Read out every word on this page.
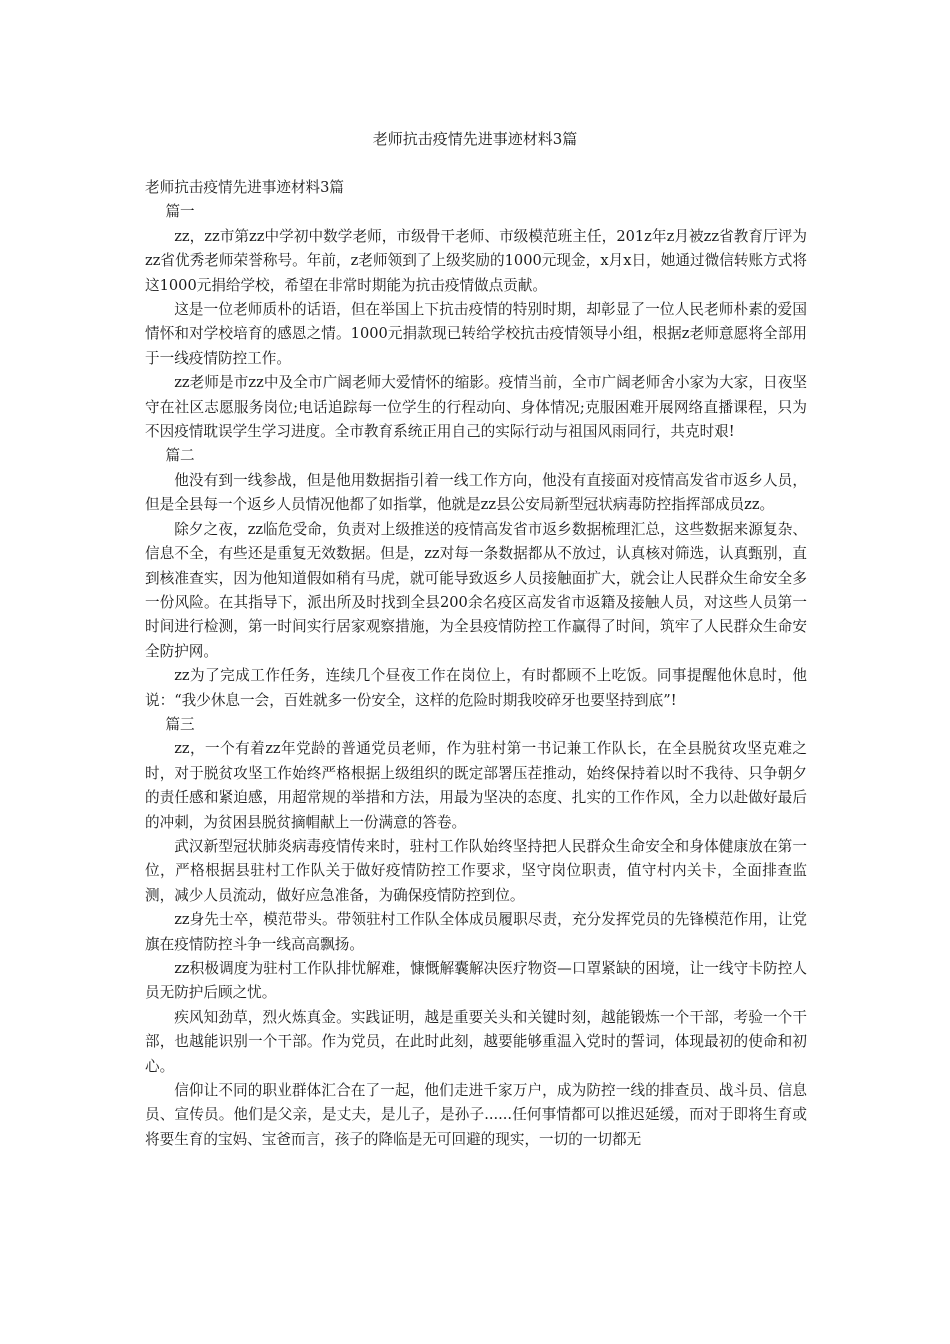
老师抗击疫情先进事迹材料3篇

老师抗击疫情先进事迹材料3篇

篇一

zz，zz市第zz中学初中数学老师，市级骨干老师、市级模范班主任，201z年z月被zz省教育厅评为zz省优秀老师荣誉称号。年前，z老师领到了上级奖励的1000元现金，x月x日，她通过微信转账方式将这1000元捐给学校，希望在非常时期能为抗击疫情做点贡献。

这是一位老师质朴的话语，但在举国上下抗击疫情的特别时期，却彰显了一位人民老师朴素的爱国情怀和对学校培育的感恩之情。1000元捐款现已转给学校抗击疫情领导小组，根据z老师意愿将全部用于一线疫情防控工作。

zz老师是市zz中及全市广阔老师大爱情怀的缩影。疫情当前，全市广阔老师舍小家为大家，日夜坚守在社区志愿服务岗位;电话追踪每一位学生的行程动向、身体情况;克服困难开展网络直播课程，只为不因疫情耽误学生学习进度。全市教育系统正用自己的实际行动与祖国风雨同行，共克时艰!

篇二

他没有到一线参战，但是他用数据指引着一线工作方向，他没有直接面对疫情高发省市返乡人员，但是全县每一个返乡人员情况他都了如指掌，他就是zz县公安局新型冠状病毒防控指挥部成员zz。

除夕之夜，zz临危受命，负责对上级推送的疫情高发省市返乡数据梳理汇总，这些数据来源复杂、信息不全，有些还是重复无效数据。但是，zz对每一条数据都从不放过，认真核对筛选，认真甄别，直到核准查实，因为他知道假如稍有马虎，就可能导致返乡人员接触面扩大，就会让人民群众生命安全多一份风险。在其指导下，派出所及时找到全县200余名疫区高发省市返籍及接触人员，对这些人员第一时间进行检测，第一时间实行居家观察措施，为全县疫情防控工作赢得了时间，筑牢了人民群众生命安全防护网。

zz为了完成工作任务，连续几个昼夜工作在岗位上，有时都顾不上吃饭。同事提醒他休息时，他说：“我少休息一会，百姓就多一份安全，这样的危险时期我咬碎牙也要坚持到底”!

篇三

zz，一个有着zz年党龄的普通党员老师，作为驻村第一书记兼工作队长，在全县脱贫攻坚克难之时，对于脱贫攻坚工作始终严格根据上级组织的既定部署压茬推动，始终保持着以时不我待、只争朝夕的责任感和紧迫感，用超常规的举措和方法，用最为坚决的态度、扎实的工作作风，全力以赴做好最后的冲刺，为贫困县脱贫摘帽献上一份满意的答卷。

武汉新型冠状肺炎病毒疫情传来时，驻村工作队始终坚持把人民群众生命安全和身体健康放在第一位，严格根据县驻村工作队关于做好疫情防控工作要求，坚守岗位职责，值守村内关卡，全面排查监测，减少人员流动，做好应急准备，为确保疫情防控到位。

zz身先士卒，模范带头。带领驻村工作队全体成员履职尽责，充分发挥党员的先锋模范作用，让党旗在疫情防控斗争一线高高飘扬。

zz积极调度为驻村工作队排忧解难，慷慨解囊解决医疗物资—口罩紧缺的困境，让一线守卡防控人员无防护后顾之忧。

疾风知劲草，烈火炼真金。实践证明，越是重要关头和关键时刻，越能锻炼一个干部，考验一个干部，也越能识别一个干部。作为党员，在此时此刻，越要能够重温入党时的誓词，体现最初的使命和初心。

信仰让不同的职业群体汇合在了一起，他们走进千家万户，成为防控一线的排查员、战斗员、信息员、宣传员。他们是父亲，是丈夫，是儿子，是孙子......任何事情都可以推迟延缓，而对于即将生育或将要生育的宝妈、宝爸而言，孩子的降临是无可回避的现实，一切的一切都无
